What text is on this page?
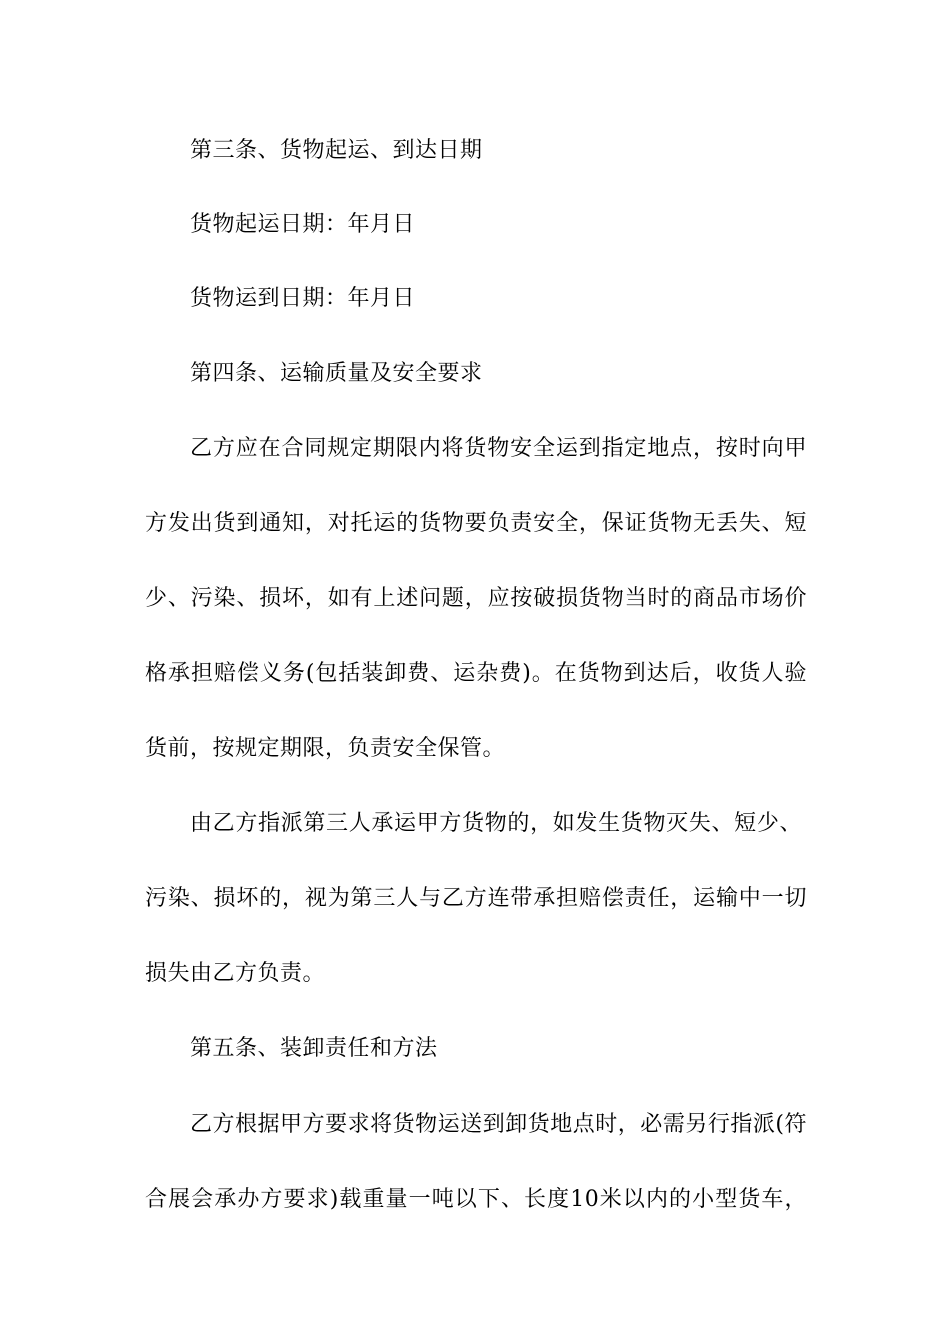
第三条、货物起运、到达日期
货物起运日期：年月日
货物运到日期：年月日
第四条、运输质量及安全要求
乙方应在合同规定期限内将货物安全运到指定地点，按时向甲
方发出货到通知，对托运的货物要负责安全，保证货物无丢失、短
少、污染、损坏，如有上述问题，应按破损货物当时的商品市场价
格承担赔偿义务(包括装卸费、运杂费)。在货物到达后，收货人验
货前，按规定期限，负责安全保管。
由乙方指派第三人承运甲方货物的，如发生货物灭失、短少、
污染、损坏的，视为第三人与乙方连带承担赔偿责任，运输中一切
损失由乙方负责。
第五条、装卸责任和方法
乙方根据甲方要求将货物运送到卸货地点时，必需另行指派(符
合展会承办方要求)载重量一吨以下、长度10米以内的小型货车，
